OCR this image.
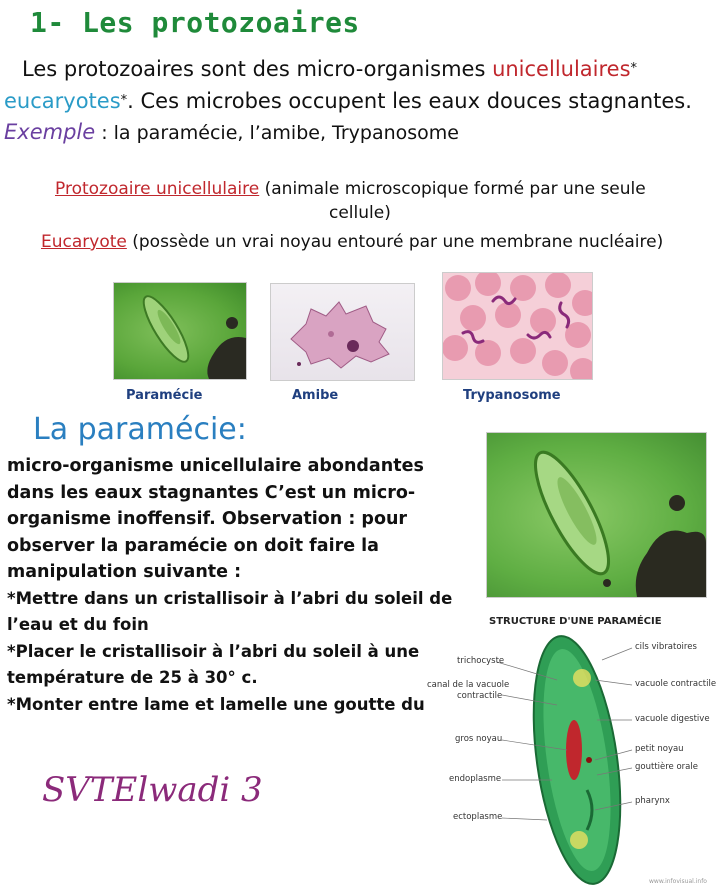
1- Les protozoaires
Les protozoaires sont des micro-organismes unicellulaires*
eucaryotes*. Ces microbes occupent les eaux douces stagnantes.
Exemple : la paramécie, l’amibe, Trypanosome
Protozoaire unicellulaire (animale microscopique formé par une seule
cellule)
Eucaryote (possède un vrai noyau entouré par une membrane nucléaire)
Paramécie	Amibe	Trypanosome
La paramécie:
micro-organisme unicellulaire abondantes
dans les eaux stagnantes C’est un micro-
organisme inoffensif. Observation : pour
observer la paramécie on doit faire la
manipulation suivante :
*Mettre dans un cristallisoir à l’abri du soleil de
l’eau et du foin
*Placer le cristallisoir à l’abri du soleil à une
température de 25 à 30° c.
*Monter entre lame et lamelle une goutte du
STRUCTURE D'UNE PARAMÉCIE
trichocyste
canal de la vacuole
contractile
gros noyau
endoplasme
ectoplasme
cils vibratoires
vacuole contractile
vacuole digestive
petit noyau
gouttière orale
pharynx
www.infovisual.info
SVTElwadi 3
